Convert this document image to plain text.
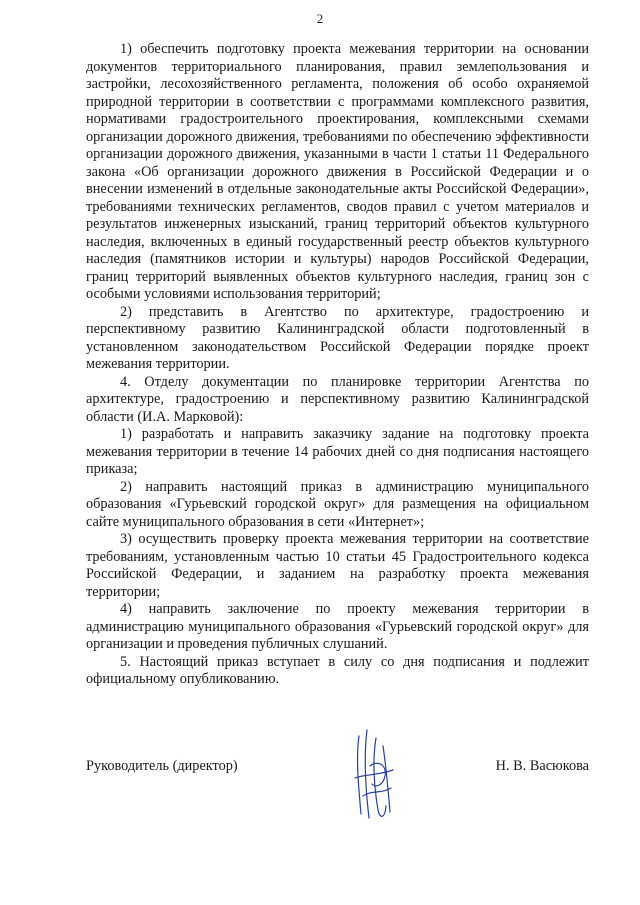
2

1) обеспечить подготовку проекта межевания территории на основании документов территориального планирования, правил землепользования и застройки, лесохозяйственного регламента, положения об особо охраняемой природной территории в соответствии с программами комплексного развития, нормативами градостроительного проектирования, комплексными схемами организации дорожного движения, требованиями по обеспечению эффективности организации дорожного движения, указанными в части 1 статьи 11 Федерального закона «Об организации дорожного движения в Российской Федерации и о внесении изменений в отдельные законодательные акты Российской Федерации», требованиями технических регламентов, сводов правил с учетом материалов и результатов инженерных изысканий, границ территорий объектов культурного наследия, включенных в единый государственный реестр объектов культурного наследия (памятников истории и культуры) народов Российской Федерации, границ территорий выявленных объектов культурного наследия, границ зон с особыми условиями использования территорий;

2) представить в Агентство по архитектуре, градостроению и перспективному развитию Калининградской области подготовленный в установленном законодательством Российской Федерации порядке проект межевания территории.

4. Отделу документации по планировке территории Агентства по архитектуре, градостроению и перспективному развитию Калининградской области (И.А. Марковой):

1) разработать и направить заказчику задание на подготовку проекта межевания территории в течение 14 рабочих дней со дня подписания настоящего приказа;

2) направить настоящий приказ в администрацию муниципального образования «Гурьевский городской округ» для размещения на официальном сайте муниципального образования в сети «Интернет»;

3) осуществить проверку проекта межевания территории на соответствие требованиям, установленным частью 10 статьи 45 Градостроительного кодекса Российской Федерации, и заданием на разработку проекта межевания территории;

4) направить заключение по проекту межевания территории в администрацию муниципального образования «Гурьевский городской округ» для организации и проведения публичных слушаний.

5. Настоящий приказ вступает в силу со дня подписания и подлежит официальному опубликованию.

Руководитель (директор)	Н. В. Васюкова
